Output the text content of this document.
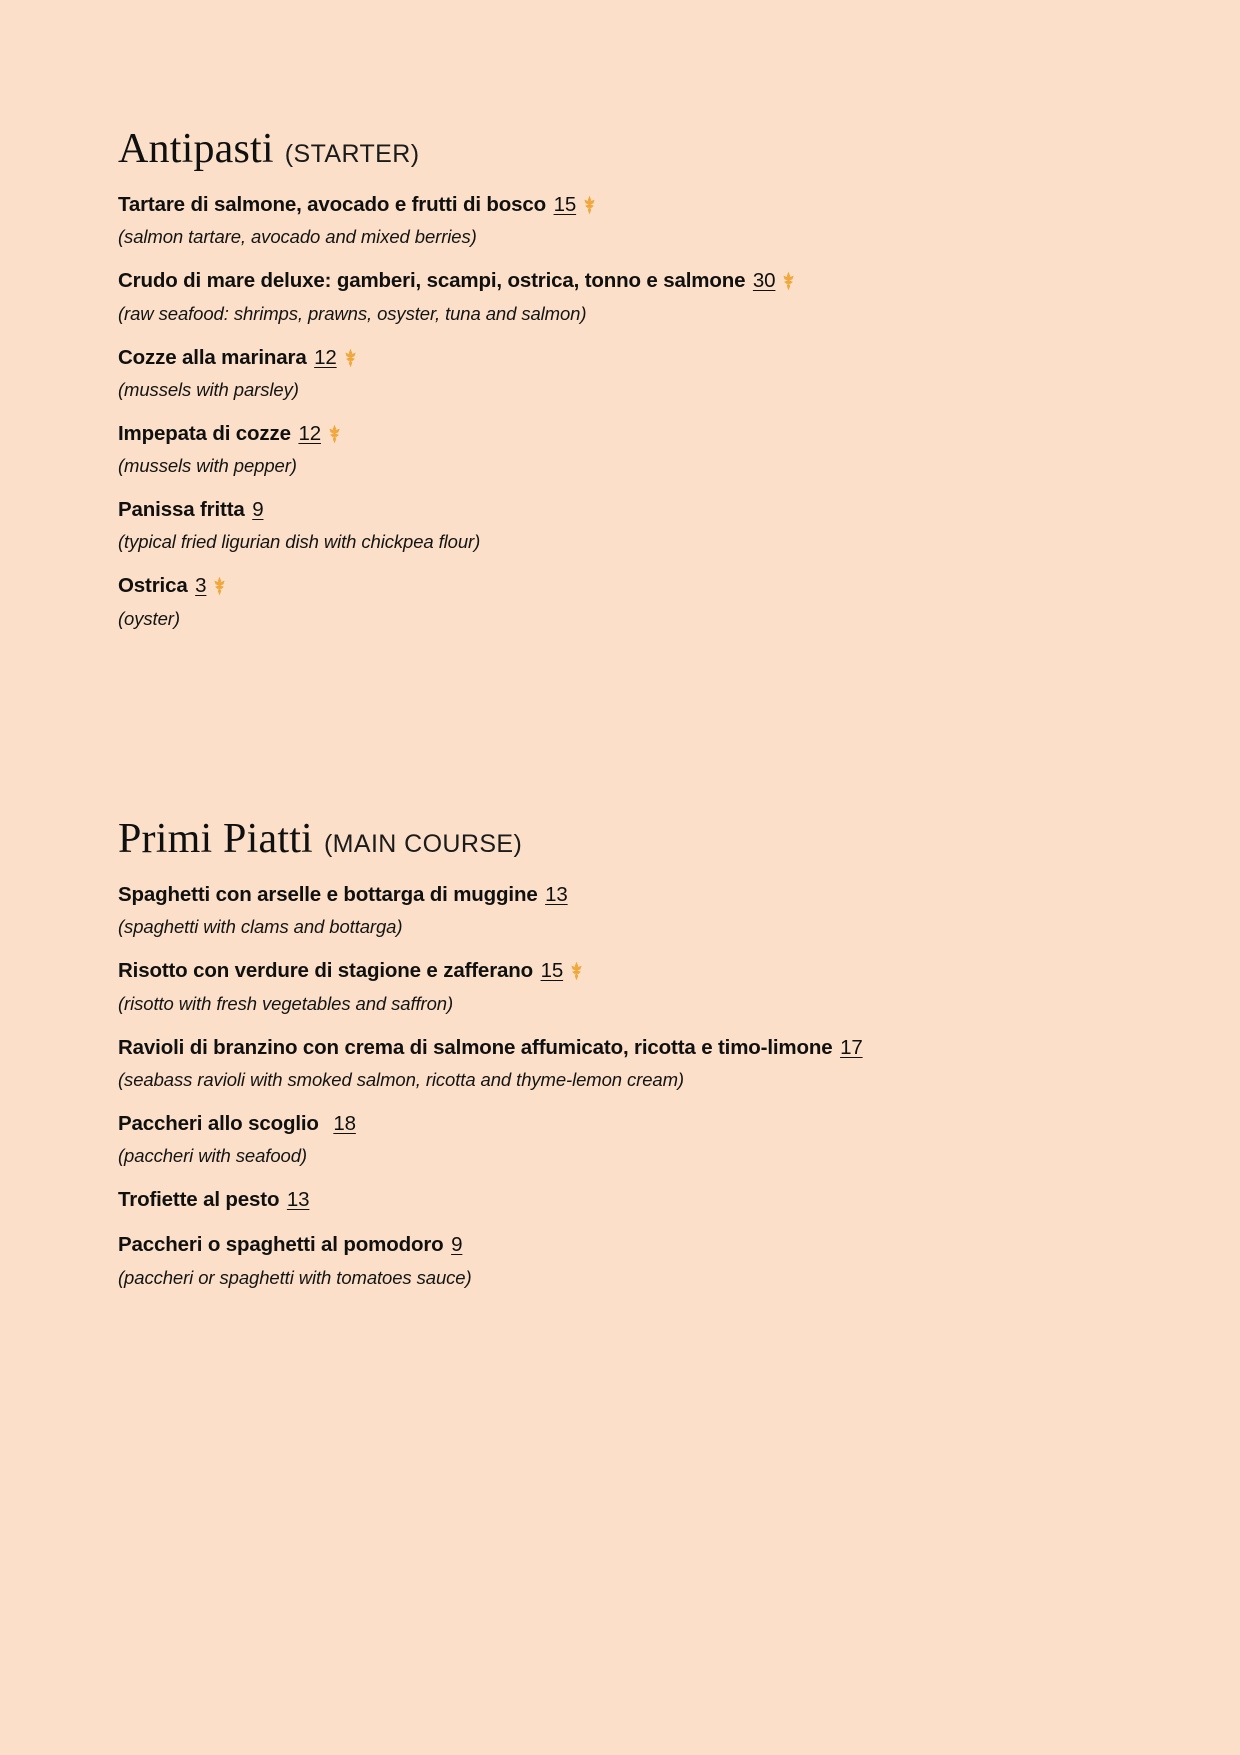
Antipasti (STARTER)
Tartare di salmone, avocado e frutti di bosco 15
(salmon tartare, avocado and mixed berries)
Crudo di mare deluxe: gamberi, scampi, ostrica, tonno e salmone 30
(raw seafood: shrimps, prawns, osyster, tuna and salmon)
Cozze alla marinara 12
(mussels with parsley)
Impepata di cozze 12
(mussels with pepper)
Panissa fritta 9
(typical fried ligurian dish with chickpea flour)
Ostrica 3
(oyster)
Primi Piatti (MAIN COURSE)
Spaghetti con arselle e bottarga di muggine 13
(spaghetti with clams and bottarga)
Risotto con verdure di stagione e zafferano 15
(risotto with fresh vegetables and saffron)
Ravioli di branzino con crema di salmone affumicato, ricotta e timo-limone 17
(seabass ravioli with smoked salmon, ricotta and thyme-lemon cream)
Paccheri allo scoglio 18
(paccheri with seafood)
Trofiette al pesto 13
Paccheri o spaghetti al pomodoro 9
(paccheri or spaghetti with tomatoes sauce)
